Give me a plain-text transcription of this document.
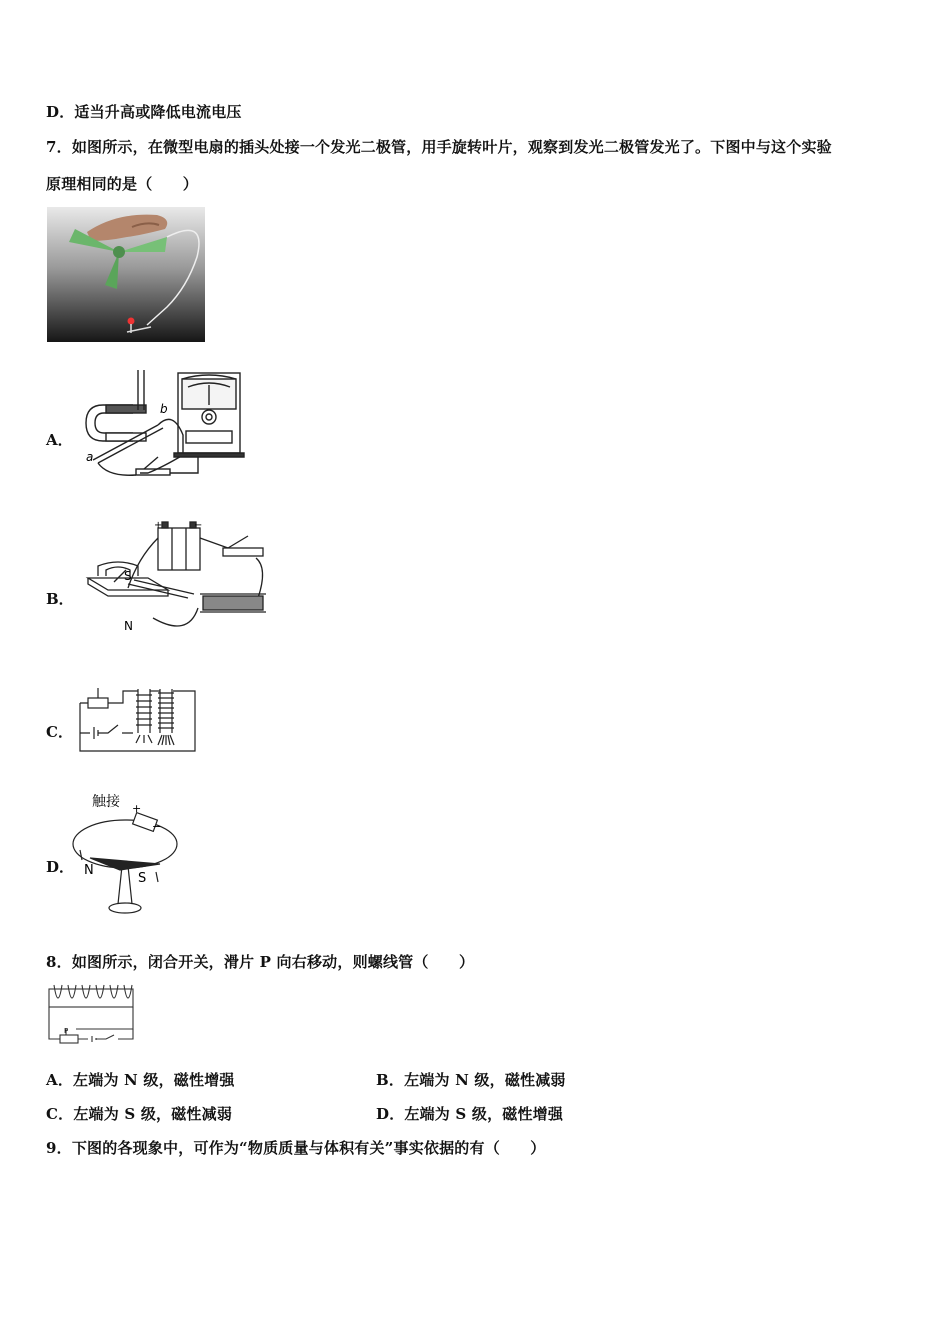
D．适当升高或降低电流电压
7．如图所示，在微型电扇的插头处接一个发光二极管，用手旋转叶片，观察到发光二极管发光了。下图中与这个实验
原理相同的是（　　）
A．
a
b
B．
S
N
+	−
C．
D．
触接 +
−
N
S
8．如图所示，闭合开关，滑片 P 向右移动，则螺线管（　　）
P
A．左端为 N 级，磁性增强	B．左端为 N 级，磁性减弱
C．左端为 S 级，磁性减弱	D．左端为 S 级，磁性增强
9．下图的各现象中，可作为“物质质量与体积有关”事实依据的有（　　）
